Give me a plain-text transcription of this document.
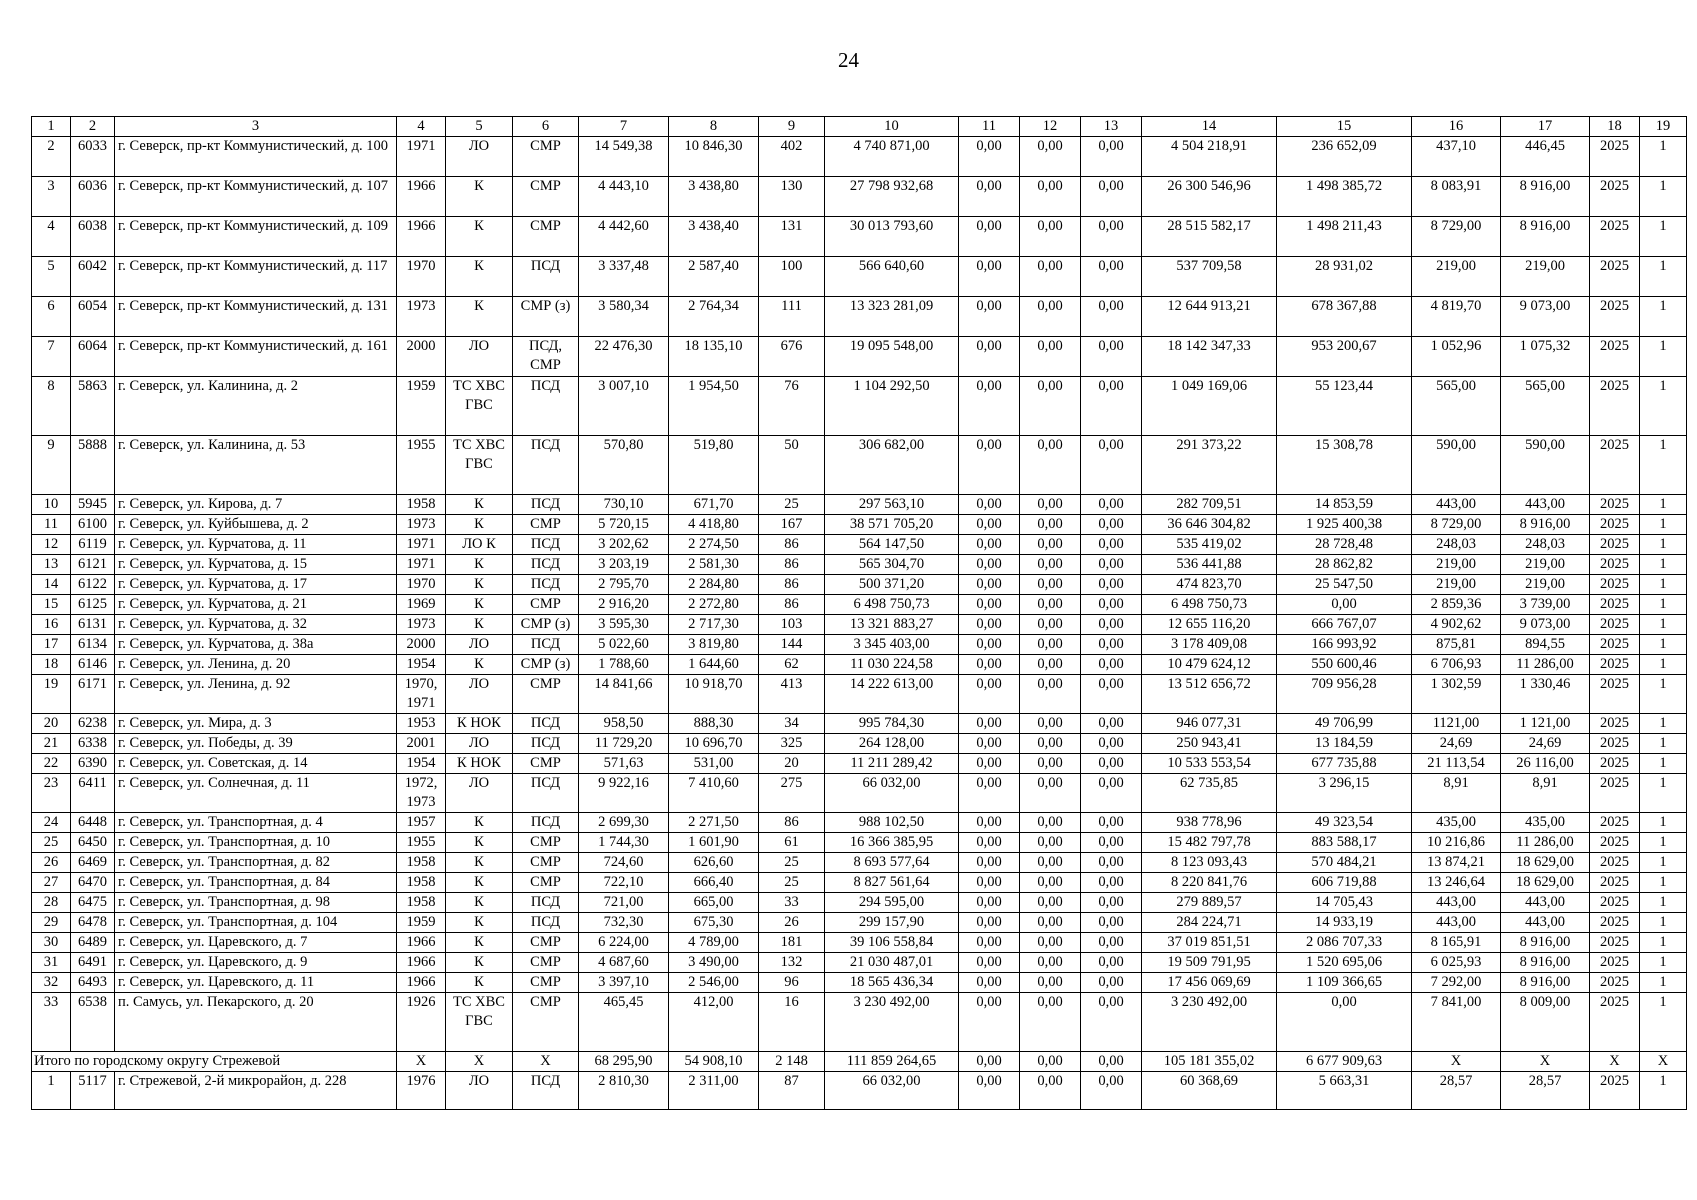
24
1	2	3	4	5	6	7	8	9	10	11	12	13	14	15	16	17	18	19
2	6033	г. Северск, пр-кт Коммунистический, д. 100	1971	ЛО	СМР	14 549,38	10 846,30	402	4 740 871,00	0,00	0,00	0,00	4 504 218,91	236 652,09	437,10	446,45	2025	1
3	6036	г. Северск, пр-кт Коммунистический, д. 107	1966	К	СМР	4 443,10	3 438,80	130	27 798 932,68	0,00	0,00	0,00	26 300 546,96	1 498 385,72	8 083,91	8 916,00	2025	1
4	6038	г. Северск, пр-кт Коммунистический, д. 109	1966	К	СМР	4 442,60	3 438,40	131	30 013 793,60	0,00	0,00	0,00	28 515 582,17	1 498 211,43	8 729,00	8 916,00	2025	1
5	6042	г. Северск, пр-кт Коммунистический, д. 117	1970	К	ПСД	3 337,48	2 587,40	100	566 640,60	0,00	0,00	0,00	537 709,58	28 931,02	219,00	219,00	2025	1
6	6054	г. Северск, пр-кт Коммунистический, д. 131	1973	К	СМР (з)	3 580,34	2 764,34	111	13 323 281,09	0,00	0,00	0,00	12 644 913,21	678 367,88	4 819,70	9 073,00	2025	1
7	6064	г. Северск, пр-кт Коммунистический, д. 161	2000	ЛО	ПСД, СМР	22 476,30	18 135,10	676	19 095 548,00	0,00	0,00	0,00	18 142 347,33	953 200,67	1 052,96	1 075,32	2025	1
8	5863	г. Северск, ул. Калинина, д. 2	1959	ТС ХВС ГВС	ПСД	3 007,10	1 954,50	76	1 104 292,50	0,00	0,00	0,00	1 049 169,06	55 123,44	565,00	565,00	2025	1
9	5888	г. Северск, ул. Калинина, д. 53	1955	ТС ХВС ГВС	ПСД	570,80	519,80	50	306 682,00	0,00	0,00	0,00	291 373,22	15 308,78	590,00	590,00	2025	1
10	5945	г. Северск, ул. Кирова, д. 7	1958	К	ПСД	730,10	671,70	25	297 563,10	0,00	0,00	0,00	282 709,51	14 853,59	443,00	443,00	2025	1
11	6100	г. Северск, ул. Куйбышева, д. 2	1973	К	СМР	5 720,15	4 418,80	167	38 571 705,20	0,00	0,00	0,00	36 646 304,82	1 925 400,38	8 729,00	8 916,00	2025	1
12	6119	г. Северск, ул. Курчатова, д. 11	1971	ЛО К	ПСД	3 202,62	2 274,50	86	564 147,50	0,00	0,00	0,00	535 419,02	28 728,48	248,03	248,03	2025	1
13	6121	г. Северск, ул. Курчатова, д. 15	1971	К	ПСД	3 203,19	2 581,30	86	565 304,70	0,00	0,00	0,00	536 441,88	28 862,82	219,00	219,00	2025	1
14	6122	г. Северск, ул. Курчатова, д. 17	1970	К	ПСД	2 795,70	2 284,80	86	500 371,20	0,00	0,00	0,00	474 823,70	25 547,50	219,00	219,00	2025	1
15	6125	г. Северск, ул. Курчатова, д. 21	1969	К	СМР	2 916,20	2 272,80	86	6 498 750,73	0,00	0,00	0,00	6 498 750,73	0,00	2 859,36	3 739,00	2025	1
16	6131	г. Северск, ул. Курчатова, д. 32	1973	К	СМР (з)	3 595,30	2 717,30	103	13 321 883,27	0,00	0,00	0,00	12 655 116,20	666 767,07	4 902,62	9 073,00	2025	1
17	6134	г. Северск, ул. Курчатова, д. 38а	2000	ЛО	ПСД	5 022,60	3 819,80	144	3 345 403,00	0,00	0,00	0,00	3 178 409,08	166 993,92	875,81	894,55	2025	1
18	6146	г. Северск, ул. Ленина, д. 20	1954	К	СМР (з)	1 788,60	1 644,60	62	11 030 224,58	0,00	0,00	0,00	10 479 624,12	550 600,46	6 706,93	11 286,00	2025	1
19	6171	г. Северск, ул. Ленина, д. 92	1970, 1971	ЛО	СМР	14 841,66	10 918,70	413	14 222 613,00	0,00	0,00	0,00	13 512 656,72	709 956,28	1 302,59	1 330,46	2025	1
20	6238	г. Северск, ул. Мира, д. 3	1953	К НОК	ПСД	958,50	888,30	34	995 784,30	0,00	0,00	0,00	946 077,31	49 706,99	1121,00	1 121,00	2025	1
21	6338	г. Северск, ул. Победы, д. 39	2001	ЛО	ПСД	11 729,20	10 696,70	325	264 128,00	0,00	0,00	0,00	250 943,41	13 184,59	24,69	24,69	2025	1
22	6390	г. Северск, ул. Советская, д. 14	1954	К НОК	СМР	571,63	531,00	20	11 211 289,42	0,00	0,00	0,00	10 533 553,54	677 735,88	21 113,54	26 116,00	2025	1
23	6411	г. Северск, ул. Солнечная, д. 11	1972, 1973	ЛО	ПСД	9 922,16	7 410,60	275	66 032,00	0,00	0,00	0,00	62 735,85	3 296,15	8,91	8,91	2025	1
24	6448	г. Северск, ул. Транспортная, д. 4	1957	К	ПСД	2 699,30	2 271,50	86	988 102,50	0,00	0,00	0,00	938 778,96	49 323,54	435,00	435,00	2025	1
25	6450	г. Северск, ул. Транспортная, д. 10	1955	К	СМР	1 744,30	1 601,90	61	16 366 385,95	0,00	0,00	0,00	15 482 797,78	883 588,17	10 216,86	11 286,00	2025	1
26	6469	г. Северск, ул. Транспортная, д. 82	1958	К	СМР	724,60	626,60	25	8 693 577,64	0,00	0,00	0,00	8 123 093,43	570 484,21	13 874,21	18 629,00	2025	1
27	6470	г. Северск, ул. Транспортная, д. 84	1958	К	СМР	722,10	666,40	25	8 827 561,64	0,00	0,00	0,00	8 220 841,76	606 719,88	13 246,64	18 629,00	2025	1
28	6475	г. Северск, ул. Транспортная, д. 98	1958	К	ПСД	721,00	665,00	33	294 595,00	0,00	0,00	0,00	279 889,57	14 705,43	443,00	443,00	2025	1
29	6478	г. Северск, ул. Транспортная, д. 104	1959	К	ПСД	732,30	675,30	26	299 157,90	0,00	0,00	0,00	284 224,71	14 933,19	443,00	443,00	2025	1
30	6489	г. Северск, ул. Царевского, д. 7	1966	К	СМР	6 224,00	4 789,00	181	39 106 558,84	0,00	0,00	0,00	37 019 851,51	2 086 707,33	8 165,91	8 916,00	2025	1
31	6491	г. Северск, ул. Царевского, д. 9	1966	К	СМР	4 687,60	3 490,00	132	21 030 487,01	0,00	0,00	0,00	19 509 791,95	1 520 695,06	6 025,93	8 916,00	2025	1
32	6493	г. Северск, ул. Царевского, д. 11	1966	К	СМР	3 397,10	2 546,00	96	18 565 436,34	0,00	0,00	0,00	17 456 069,69	1 109 366,65	7 292,00	8 916,00	2025	1
33	6538	п. Самусь, ул. Пекарского, д. 20	1926	ТС ХВС ГВС	СМР	465,45	412,00	16	3 230 492,00	0,00	0,00	0,00	3 230 492,00	0,00	7 841,00	8 009,00	2025	1
Итого по городскому округу Стрежевой			X	X	X	68 295,90	54 908,10	2 148	111 859 264,65	0,00	0,00	0,00	105 181 355,02	6 677 909,63	X	X	X	X
1	5117	г. Стрежевой, 2-й микрорайон, д. 228	1976	ЛО	ПСД	2 810,30	2 311,00	87	66 032,00	0,00	0,00	0,00	60 368,69	5 663,31	28,57	28,57	2025	1
